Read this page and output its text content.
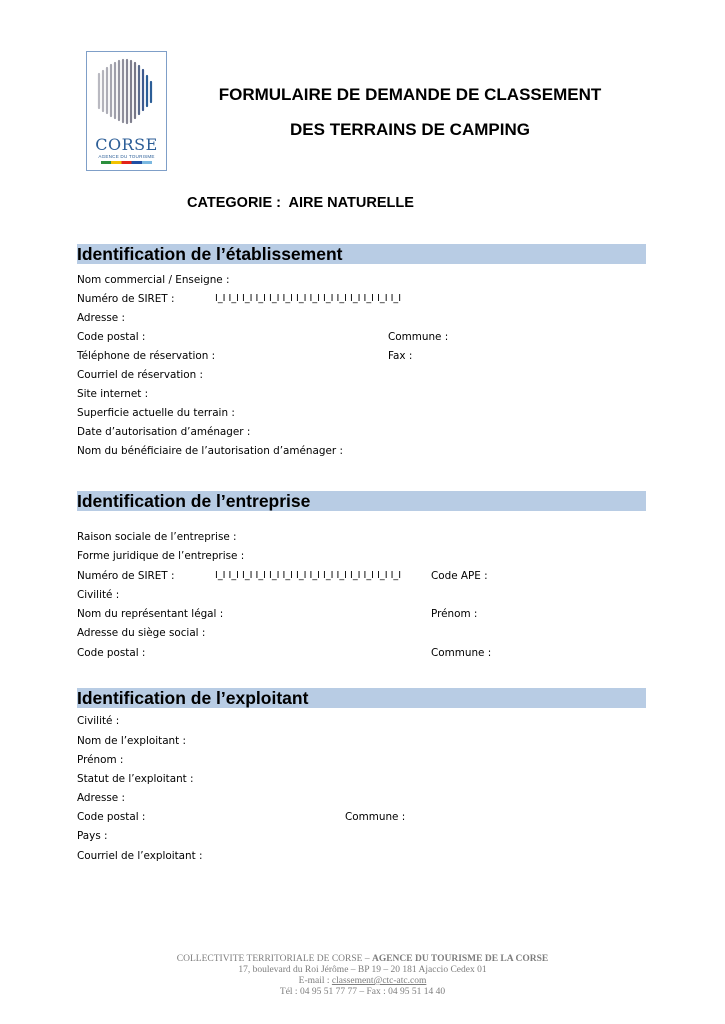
CORSE
AGENCE DU TOURISME
FORMULAIRE DE DEMANDE DE CLASSEMENT
DES TERRAINS DE CAMPING
CATEGORIE :  AIRE NATURELLE
Identification de l’établissement
Nom commercial / Enseigne :
Numéro de SIRET :	I_I I_I I_I I_I I_I I_I I_I I_I I_I I_I I_I I_I I_I I_I
Adresse :
Code postal :	Commune :
Téléphone de réservation :	Fax :
Courriel de réservation :
Site internet :
Superficie actuelle du terrain :
Date d’autorisation d’aménager :
Nom du bénéficiaire de l’autorisation d’aménager :
Identification de l’entreprise
Raison sociale de l’entreprise :
Forme juridique de l’entreprise :
Numéro de SIRET :	I_I I_I I_I I_I I_I I_I I_I I_I I_I I_I I_I I_I I_I I_I	Code APE :
Civilité :
Nom du représentant légal :	Prénom :
Adresse du siège social :
Code postal :	Commune :
Identification de l’exploitant
Civilité :
Nom de l’exploitant :
Prénom :
Statut de l’exploitant :
Adresse :
Code postal :	Commune :
Pays :
Courriel de l’exploitant :
COLLECTIVITE TERRITORIALE DE CORSE – AGENCE DU TOURISME DE LA CORSE
17, boulevard du Roi Jérôme – BP 19 – 20 181 Ajaccio Cedex 01
E-mail : classement@ctc-atc.com
Tél : 04 95 51 77 77 – Fax : 04 95 51 14 40
